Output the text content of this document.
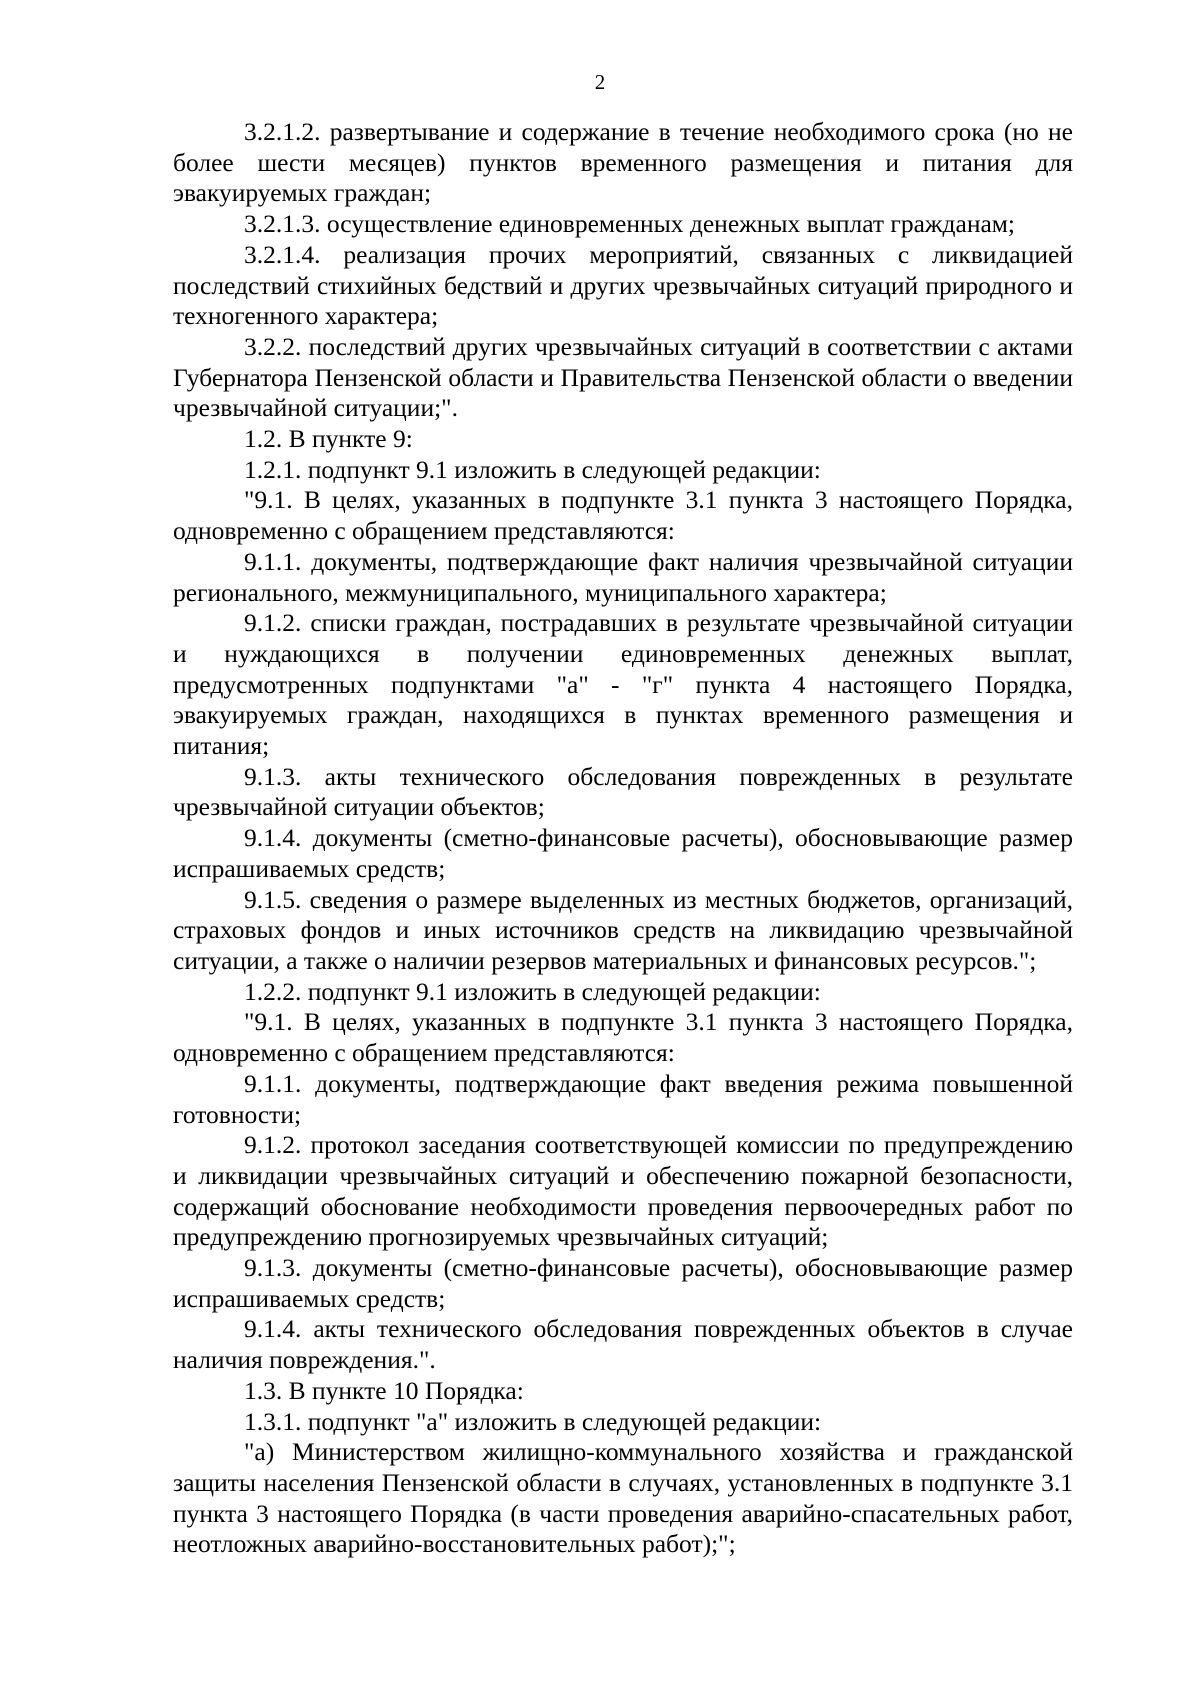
2

3.2.1.2. развертывание и содержание в течение необходимого срока (но не более шести месяцев) пунктов временного размещения и питания для эвакуируемых граждан;

3.2.1.3. осуществление единовременных денежных выплат гражданам;

3.2.1.4. реализация прочих мероприятий, связанных с ликвидацией последствий стихийных бедствий и других чрезвычайных ситуаций природного и техногенного характера;

3.2.2. последствий других чрезвычайных ситуаций в соответствии с актами Губернатора Пензенской области и Правительства Пензенской области о введении чрезвычайной ситуации;".

1.2. В пункте 9:

1.2.1. подпункт 9.1 изложить в следующей редакции:

"9.1. В целях, указанных в подпункте 3.1 пункта 3 настоящего Порядка, одновременно с обращением представляются:

9.1.1. документы, подтверждающие факт наличия чрезвычайной ситуации регионального, межмуниципального, муниципального характера;

9.1.2. списки граждан, пострадавших в результате чрезвычайной ситуации и нуждающихся в получении единовременных денежных выплат, предусмотренных подпунктами "а" - "г" пункта 4 настоящего Порядка, эвакуируемых граждан, находящихся в пунктах временного размещения и питания;

9.1.3. акты технического обследования поврежденных в результате чрезвычайной ситуации объектов;

9.1.4. документы (сметно-финансовые расчеты), обосновывающие размер испрашиваемых средств;

9.1.5. сведения о размере выделенных из местных бюджетов, организаций, страховых фондов и иных источников средств на ликвидацию чрезвычайной ситуации, а также о наличии резервов материальных и финансовых ресурсов.";

1.2.2. подпункт 9.1 изложить в следующей редакции:

"9.1. В целях, указанных в подпункте 3.1 пункта 3 настоящего Порядка, одновременно с обращением представляются:

9.1.1. документы, подтверждающие факт введения режима повышенной готовности;

9.1.2. протокол заседания соответствующей комиссии по предупреждению и ликвидации чрезвычайных ситуаций и обеспечению пожарной безопасности, содержащий обоснование необходимости проведения первоочередных работ по предупреждению прогнозируемых чрезвычайных ситуаций;

9.1.3. документы (сметно-финансовые расчеты), обосновывающие размер испрашиваемых средств;

9.1.4. акты технического обследования поврежденных объектов в случае наличия повреждения.".

1.3. В пункте 10 Порядка:

1.3.1. подпункт "а" изложить в следующей редакции:

"а) Министерством жилищно-коммунального хозяйства и гражданской защиты населения Пензенской области в случаях, установленных в подпункте 3.1 пункта 3 настоящего Порядка (в части проведения аварийно-спасательных работ, неотложных аварийно-восстановительных работ);";
